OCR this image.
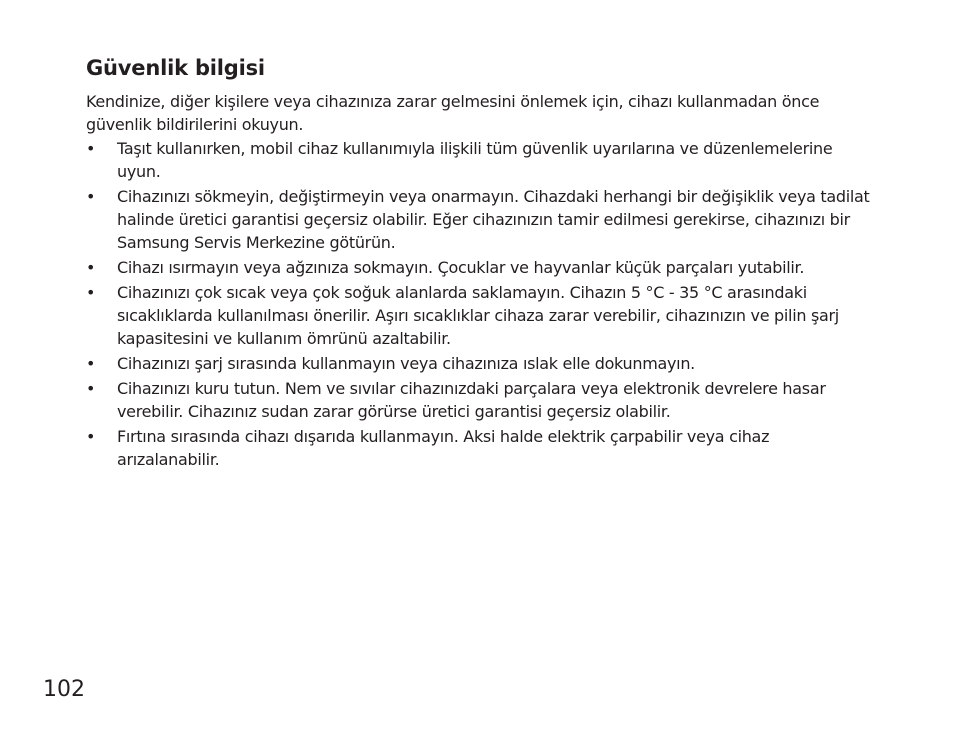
Güvenlik bilgisi

Kendinize, diğer kişilere veya cihazınıza zarar gelmesini önlemek için, cihazı kullanmadan önce güvenlik bildirilerini okuyun.

•	Taşıt kullanırken, mobil cihaz kullanımıyla ilişkili tüm güvenlik uyarılarına ve düzenlemelerine uyun.
•	Cihazınızı sökmeyin, değiştirmeyin veya onarmayın. Cihazdaki herhangi bir değişiklik veya tadilat halinde üretici garantisi geçersiz olabilir. Eğer cihazınızın tamir edilmesi gerekirse, cihazınızı bir Samsung Servis Merkezine götürün.
•	Cihazı ısırmayın veya ağzınıza sokmayın. Çocuklar ve hayvanlar küçük parçaları yutabilir.
•	Cihazınızı çok sıcak veya çok soğuk alanlarda saklamayın. Cihazın 5 °C - 35 °C arasındaki sıcaklıklarda kullanılması önerilir. Aşırı sıcaklıklar cihaza zarar verebilir, cihazınızın ve pilin şarj kapasitesini ve kullanım ömrünü azaltabilir.
•	Cihazınızı şarj sırasında kullanmayın veya cihazınıza ıslak elle dokunmayın.
•	Cihazınızı kuru tutun. Nem ve sıvılar cihazınızdaki parçalara veya elektronik devrelere hasar verebilir. Cihazınız sudan zarar görürse üretici garantisi geçersiz olabilir.
•	Fırtına sırasında cihazı dışarıda kullanmayın. Aksi halde elektrik çarpabilir veya cihaz arızalanabilir.
102
